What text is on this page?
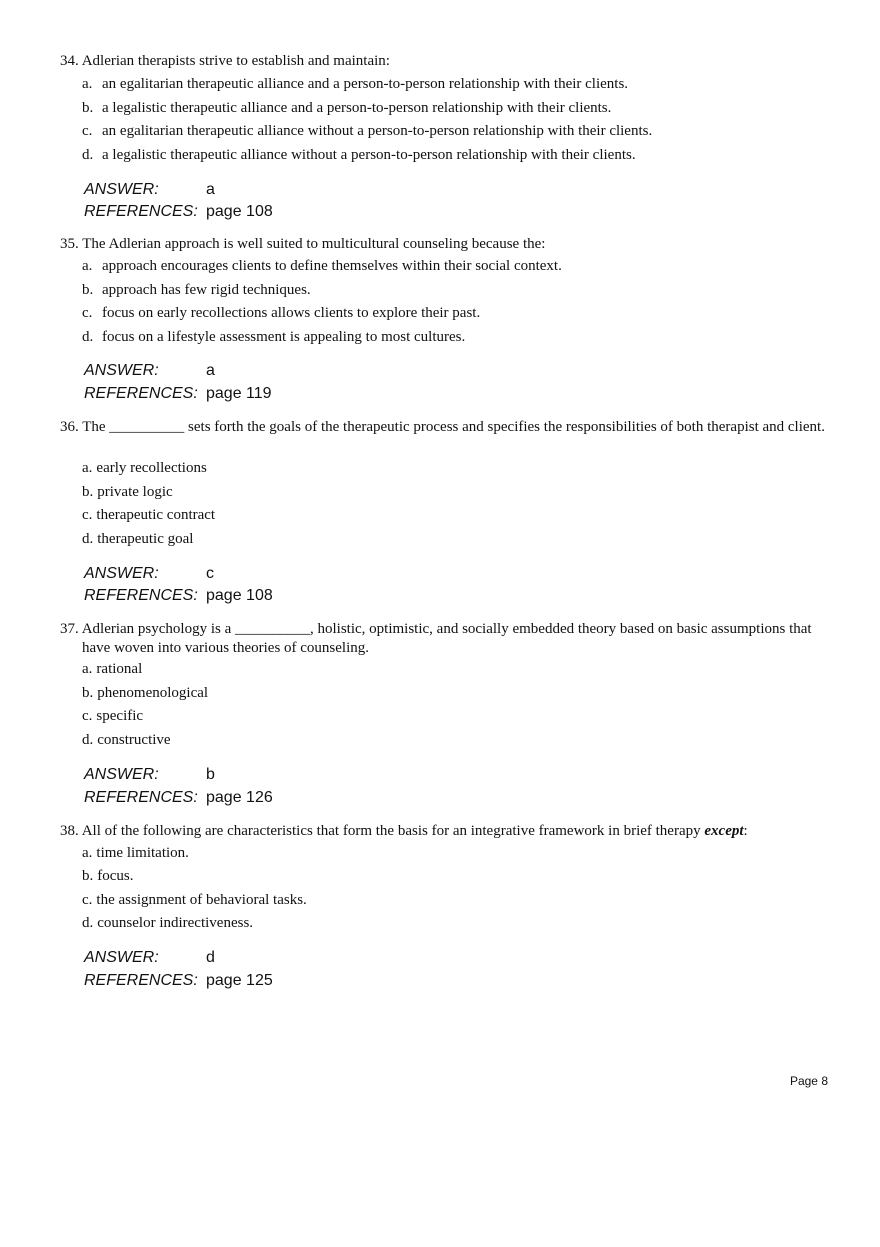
34. Adlerian therapists strive to establish and maintain:
a. an egalitarian therapeutic alliance and a person-to-person relationship with their clients.
b. a legalistic therapeutic alliance and a person-to-person relationship with their clients.
c. an egalitarian therapeutic alliance without a person-to-person relationship with their clients.
d. a legalistic therapeutic alliance without a person-to-person relationship with their clients.
ANSWER:	a
REFERENCES: page 108
35. The Adlerian approach is well suited to multicultural counseling because the:
a. approach encourages clients to define themselves within their social context.
b. approach has few rigid techniques.
c. focus on early recollections allows clients to explore their past.
d. focus on a lifestyle assessment is appealing to most cultures.
ANSWER:	a
REFERENCES: page 119
36. The __________ sets forth the goals of the therapeutic process and specifies the responsibilities of both therapist and client.
a. early recollections
b. private logic
c. therapeutic contract
d. therapeutic goal
ANSWER:	c
REFERENCES: page 108
37. Adlerian psychology is a __________, holistic, optimistic, and socially embedded theory based on basic assumptions that have woven into various theories of counseling.
a. rational
b. phenomenological
c. specific
d. constructive
ANSWER:	b
REFERENCES: page 126
38. All of the following are characteristics that form the basis for an integrative framework in brief therapy except:
a. time limitation.
b. focus.
c. the assignment of behavioral tasks.
d. counselor indirectiveness.
ANSWER:	d
REFERENCES: page 125
Page 8
